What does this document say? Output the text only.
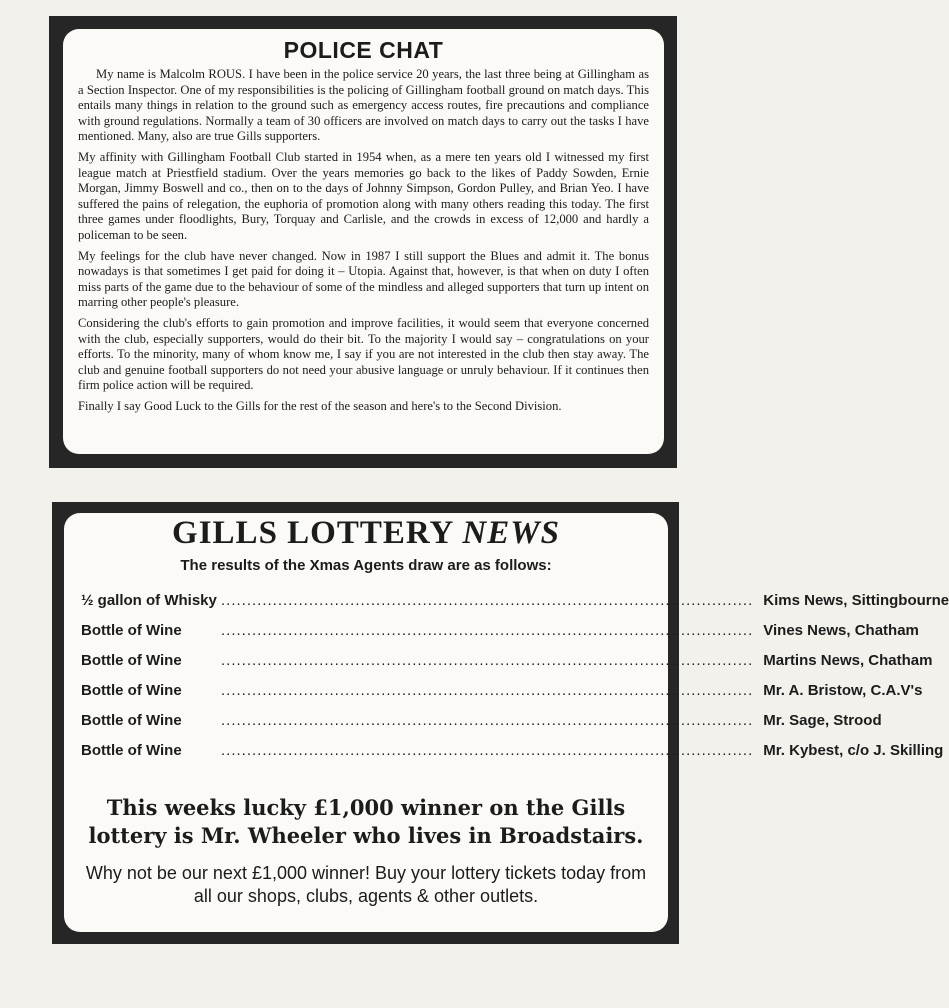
POLICE CHAT

My name is Malcolm ROUS. I have been in the police service 20 years, the last three being at Gillingham as a Section Inspector. One of my responsibilities is the policing of Gillingham football ground on match days. This entails many things in relation to the ground such as emergency access routes, fire precautions and compliance with ground regulations. Normally a team of 30 officers are involved on match days to carry out the tasks I have mentioned. Many, also are true Gills supporters.

My affinity with Gillingham Football Club started in 1954 when, as a mere ten years old I witnessed my first league match at Priestfield stadium. Over the years memories go back to the likes of Paddy Sowden, Ernie Morgan, Jimmy Boswell and co., then on to the days of Johnny Simpson, Gordon Pulley, and Brian Yeo. I have suffered the pains of relegation, the euphoria of promotion along with many others reading this today. The first three games under floodlights, Bury, Torquay and Carlisle, and the crowds in excess of 12,000 and hardly a policeman to be seen.

My feelings for the club have never changed. Now in 1987 I still support the Blues and admit it. The bonus nowadays is that sometimes I get paid for doing it – Utopia. Against that, however, is that when on duty I often miss parts of the game due to the behaviour of some of the mindless and alleged supporters that turn up intent on marring other people's pleasure.

Considering the club's efforts to gain promotion and improve facilities, it would seem that everyone concerned with the club, especially supporters, would do their bit. To the majority I would say – congratulations on your efforts. To the minority, many of whom know me, I say if you are not interested in the club then stay away. The club and genuine football supporters do not need your abusive language or unruly behaviour. If it continues then firm police action will be required.

Finally I say Good Luck to the Gills for the rest of the season and here's to the Second Division.

GILLS LOTTERY NEWS
The results of the Xmas Agents draw are as follows:
½ gallon of Whisky ....................................................................................................... Kims News, Sittingbourne
Bottle of Wine	....................................................................................................... Vines News, Chatham
Bottle of Wine	....................................................................................................... Martins News, Chatham
Bottle of Wine	....................................................................................................... Mr. A. Bristow, C.A.V's
Bottle of Wine	....................................................................................................... Mr. Sage, Strood
Bottle of Wine	....................................................................................................... Mr. Kybest, c/o J. Skilling

This weeks lucky £1,000 winner on the Gills lottery is Mr. Wheeler who lives in Broadstairs.

Why not be our next £1,000 winner! Buy your lottery tickets today from all our shops, clubs, agents & other outlets.
